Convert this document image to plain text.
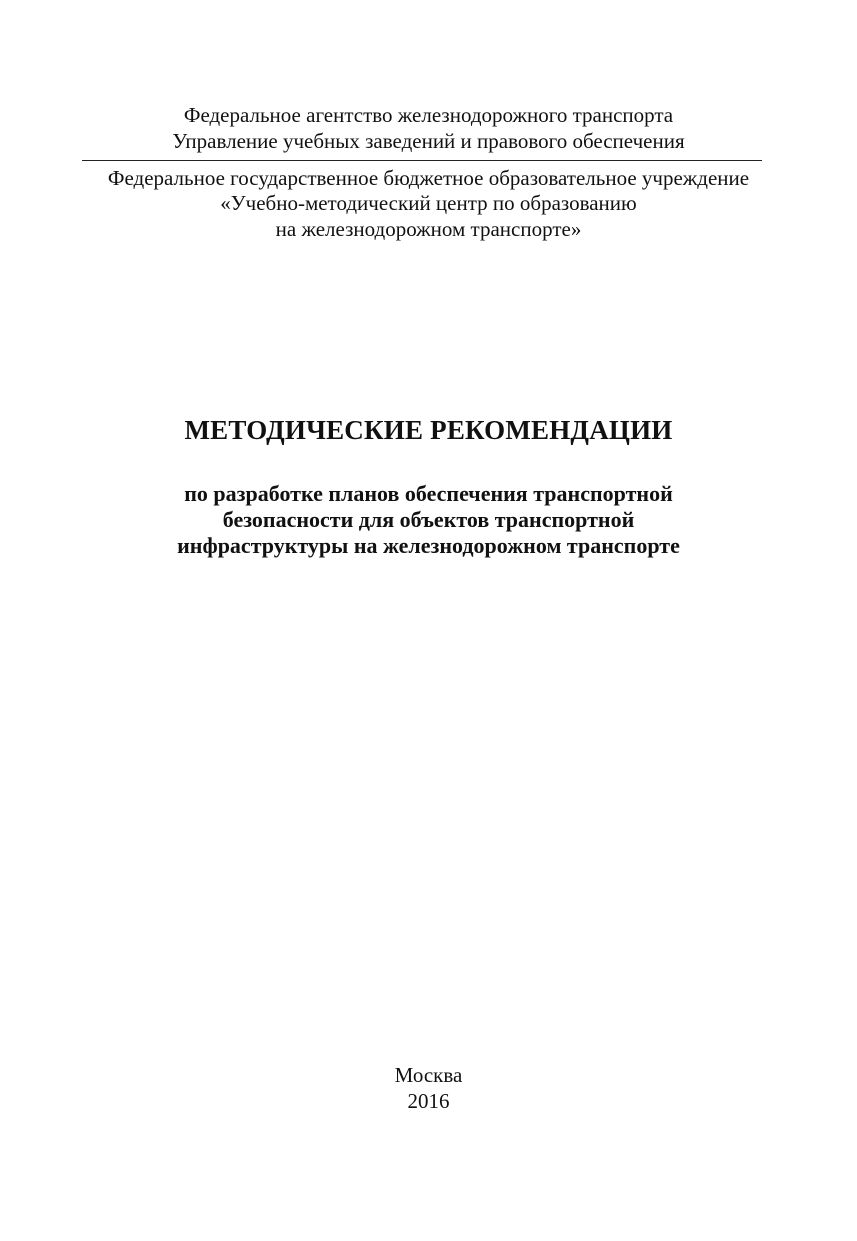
Федеральное агентство железнодорожного транспорта
Управление учебных заведений и правового обеспечения
Федеральное государственное бюджетное образовательное учреждение
«Учебно-методический центр по образованию
на железнодорожном транспорте»
МЕТОДИЧЕСКИЕ РЕКОМЕНДАЦИИ
по разработке планов обеспечения транспортной
безопасности для объектов транспортной
инфраструктуры на железнодорожном транспорте
Москва
2016
